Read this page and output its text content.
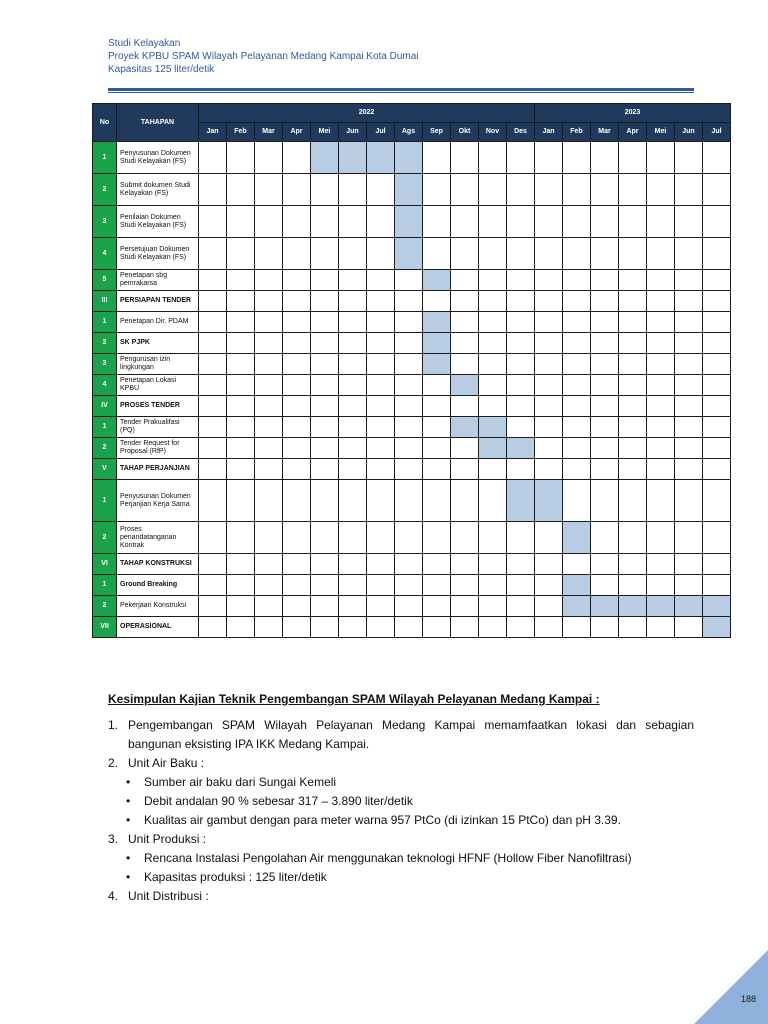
Studi Kelayakan
Proyek KPBU SPAM Wilayah Pelayanan Medang Kampai Kota Dumai
Kapasitas 125 liter/detik
No	TAHAPAN	2022												2023						
		Jan	Feb	Mar	Apr	Mei	Jun	Jul	Ags	Sep	Okt	Nov	Des	Jan	Feb	Mar	Apr	Mei	Jun	Jul
1	Penyusunan Dokumen Studi Kelayakan (FS)																			
2	Submit dokumen Studi Kelayakan (FS)																			
3	Penilaian Dokumen Studi Kelayakan (FS)																			
4	Persetujuan Dokumen Studi Kelayakan (FS)																			
5	Penetapan sbg pemrakarsa																			
III	PERSIAPAN TENDER																			
1	Penetapan Dir. PDAM																			
2	SK PJPK																			
3	Pengurusan izin lingkungan																			
4	Penetapan Lokasi KPBU																			
IV	PROSES TENDER																			
1	Tender Prakualifasi (PQ)																			
2	Tender Request for Proposal (RfP)																			
V	TAHAP PERJANJIAN																			
1	Penyusunan Dokumen Perjanjian Kerja Sama																			
2	Proses penandatanganan Kontrak																			
VI	TAHAP KONSTRUKSI																			
1	Ground Breaking																			
2	Pekerjaan Konstruksi																			
VII	OPERASIONAL																			
Kesimpulan Kajian Teknik Pengembangan SPAM Wilayah Pelayanan Medang Kampai :
1. Pengembangan SPAM Wilayah Pelayanan Medang Kampai memamfaatkan lokasi dan sebagian bangunan eksisting IPA IKK Medang Kampai.
2. Unit Air Baku :
•	Sumber air baku dari Sungai Kemeli
•	Debit andalan 90 % sebesar 317 – 3.890 liter/detik
•	Kualitas air gambut dengan para meter warna 957 PtCo (di izinkan 15 PtCo) dan pH 3.39.
3. Unit Produksi :
•	Rencana Instalasi Pengolahan Air menggunakan teknologi HFNF (Hollow Fiber Nanofiltrasi)
•	Kapasitas produksi : 125 liter/detik
4. Unit Distribusi :
188
